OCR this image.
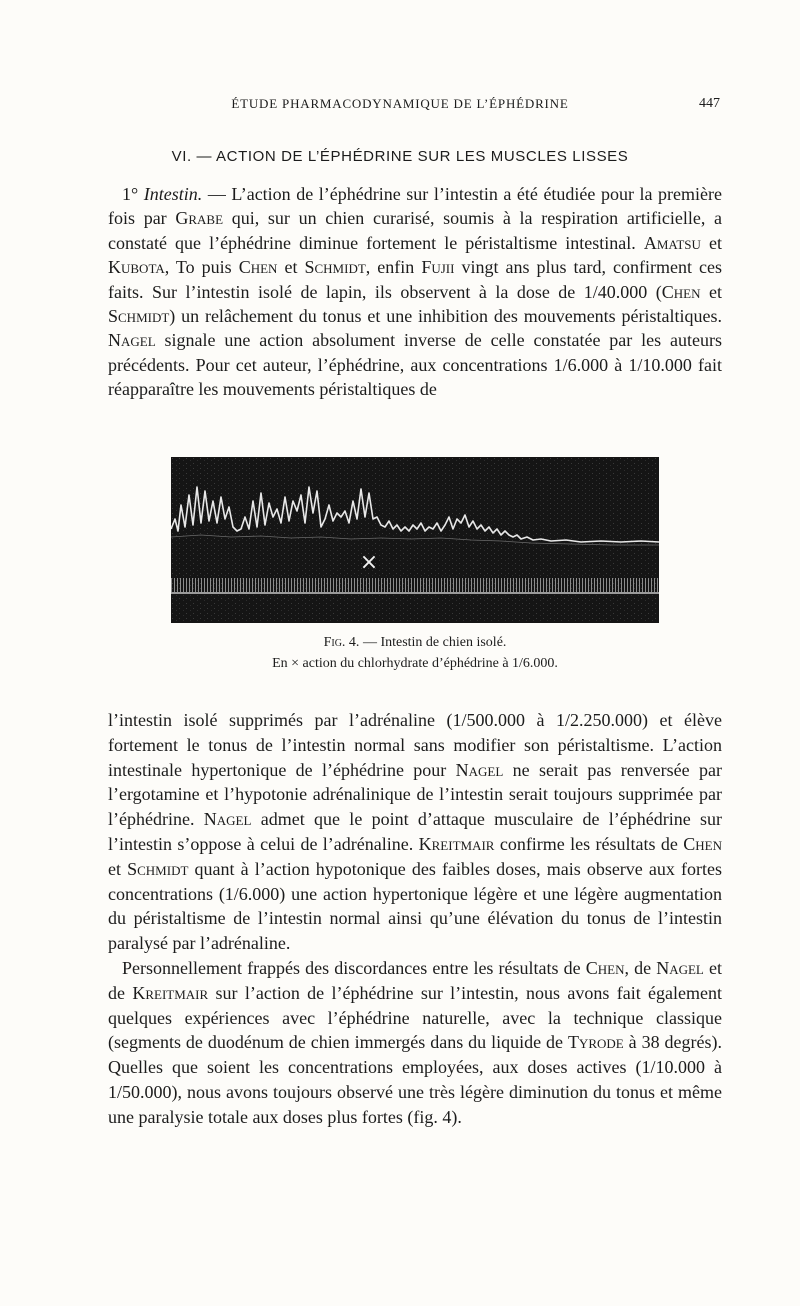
ÉTUDE PHARMACODYNAMIQUE DE L’ÉPHÉDRINE	447
VI. — ACTION DE L’ÉPHÉDRINE SUR LES MUSCLES LISSES

1° Intestin. — L’action de l’éphédrine sur l’intestin a été étudiée pour la première fois par Grabe qui, sur un chien curarisé, soumis à la respiration artificielle, a constaté que l’éphédrine diminue fortement le péristaltisme intestinal. Amatsu et Kubota, To puis Chen et Schmidt, enfin Fujii vingt ans plus tard, confirment ces faits. Sur l’intestin isolé de lapin, ils observent à la dose de 1/40.000 (Chen et Schmidt) un relâchement du tonus et une inhibition des mouvements péristaltiques. Nagel signale une action absolument inverse de celle constatée par les auteurs précédents. Pour cet auteur, l’éphédrine, aux concentrations 1/6.000 à 1/10.000 fait réapparaître les mouvements péristaltiques de

×
Fig. 4. — Intestin de chien isolé.
En × action du chlorhydrate d’éphédrine à 1/6.000.

l’intestin isolé supprimés par l’adrénaline (1/500.000 à 1/2.250.000) et élève fortement le tonus de l’intestin normal sans modifier son péristaltisme. L’action intestinale hypertonique de l’éphédrine pour Nagel ne serait pas renversée par l’ergotamine et l’hypotonie adrénalinique de l’intestin serait toujours supprimée par l’éphédrine. Nagel admet que le point d’attaque musculaire de l’éphédrine sur l’intestin s’oppose à celui de l’adrénaline. Kreitmair confirme les résultats de Chen et Schmidt quant à l’action hypotonique des faibles doses, mais observe aux fortes concentrations (1/6.000) une action hypertonique légère et une légère augmentation du péristaltisme de l’intestin normal ainsi qu’une élévation du tonus de l’intestin paralysé par l’adrénaline.

Personnellement frappés des discordances entre les résultats de Chen, de Nagel et de Kreitmair sur l’action de l’éphédrine sur l’intestin, nous avons fait également quelques expériences avec l’éphédrine naturelle, avec la technique classique (segments de duodénum de chien immergés dans du liquide de Tyrode à 38 degrés). Quelles que soient les concentrations employées, aux doses actives (1/10.000 à 1/50.000), nous avons toujours observé une très légère diminution du tonus et même une paralysie totale aux doses plus fortes (fig. 4).
